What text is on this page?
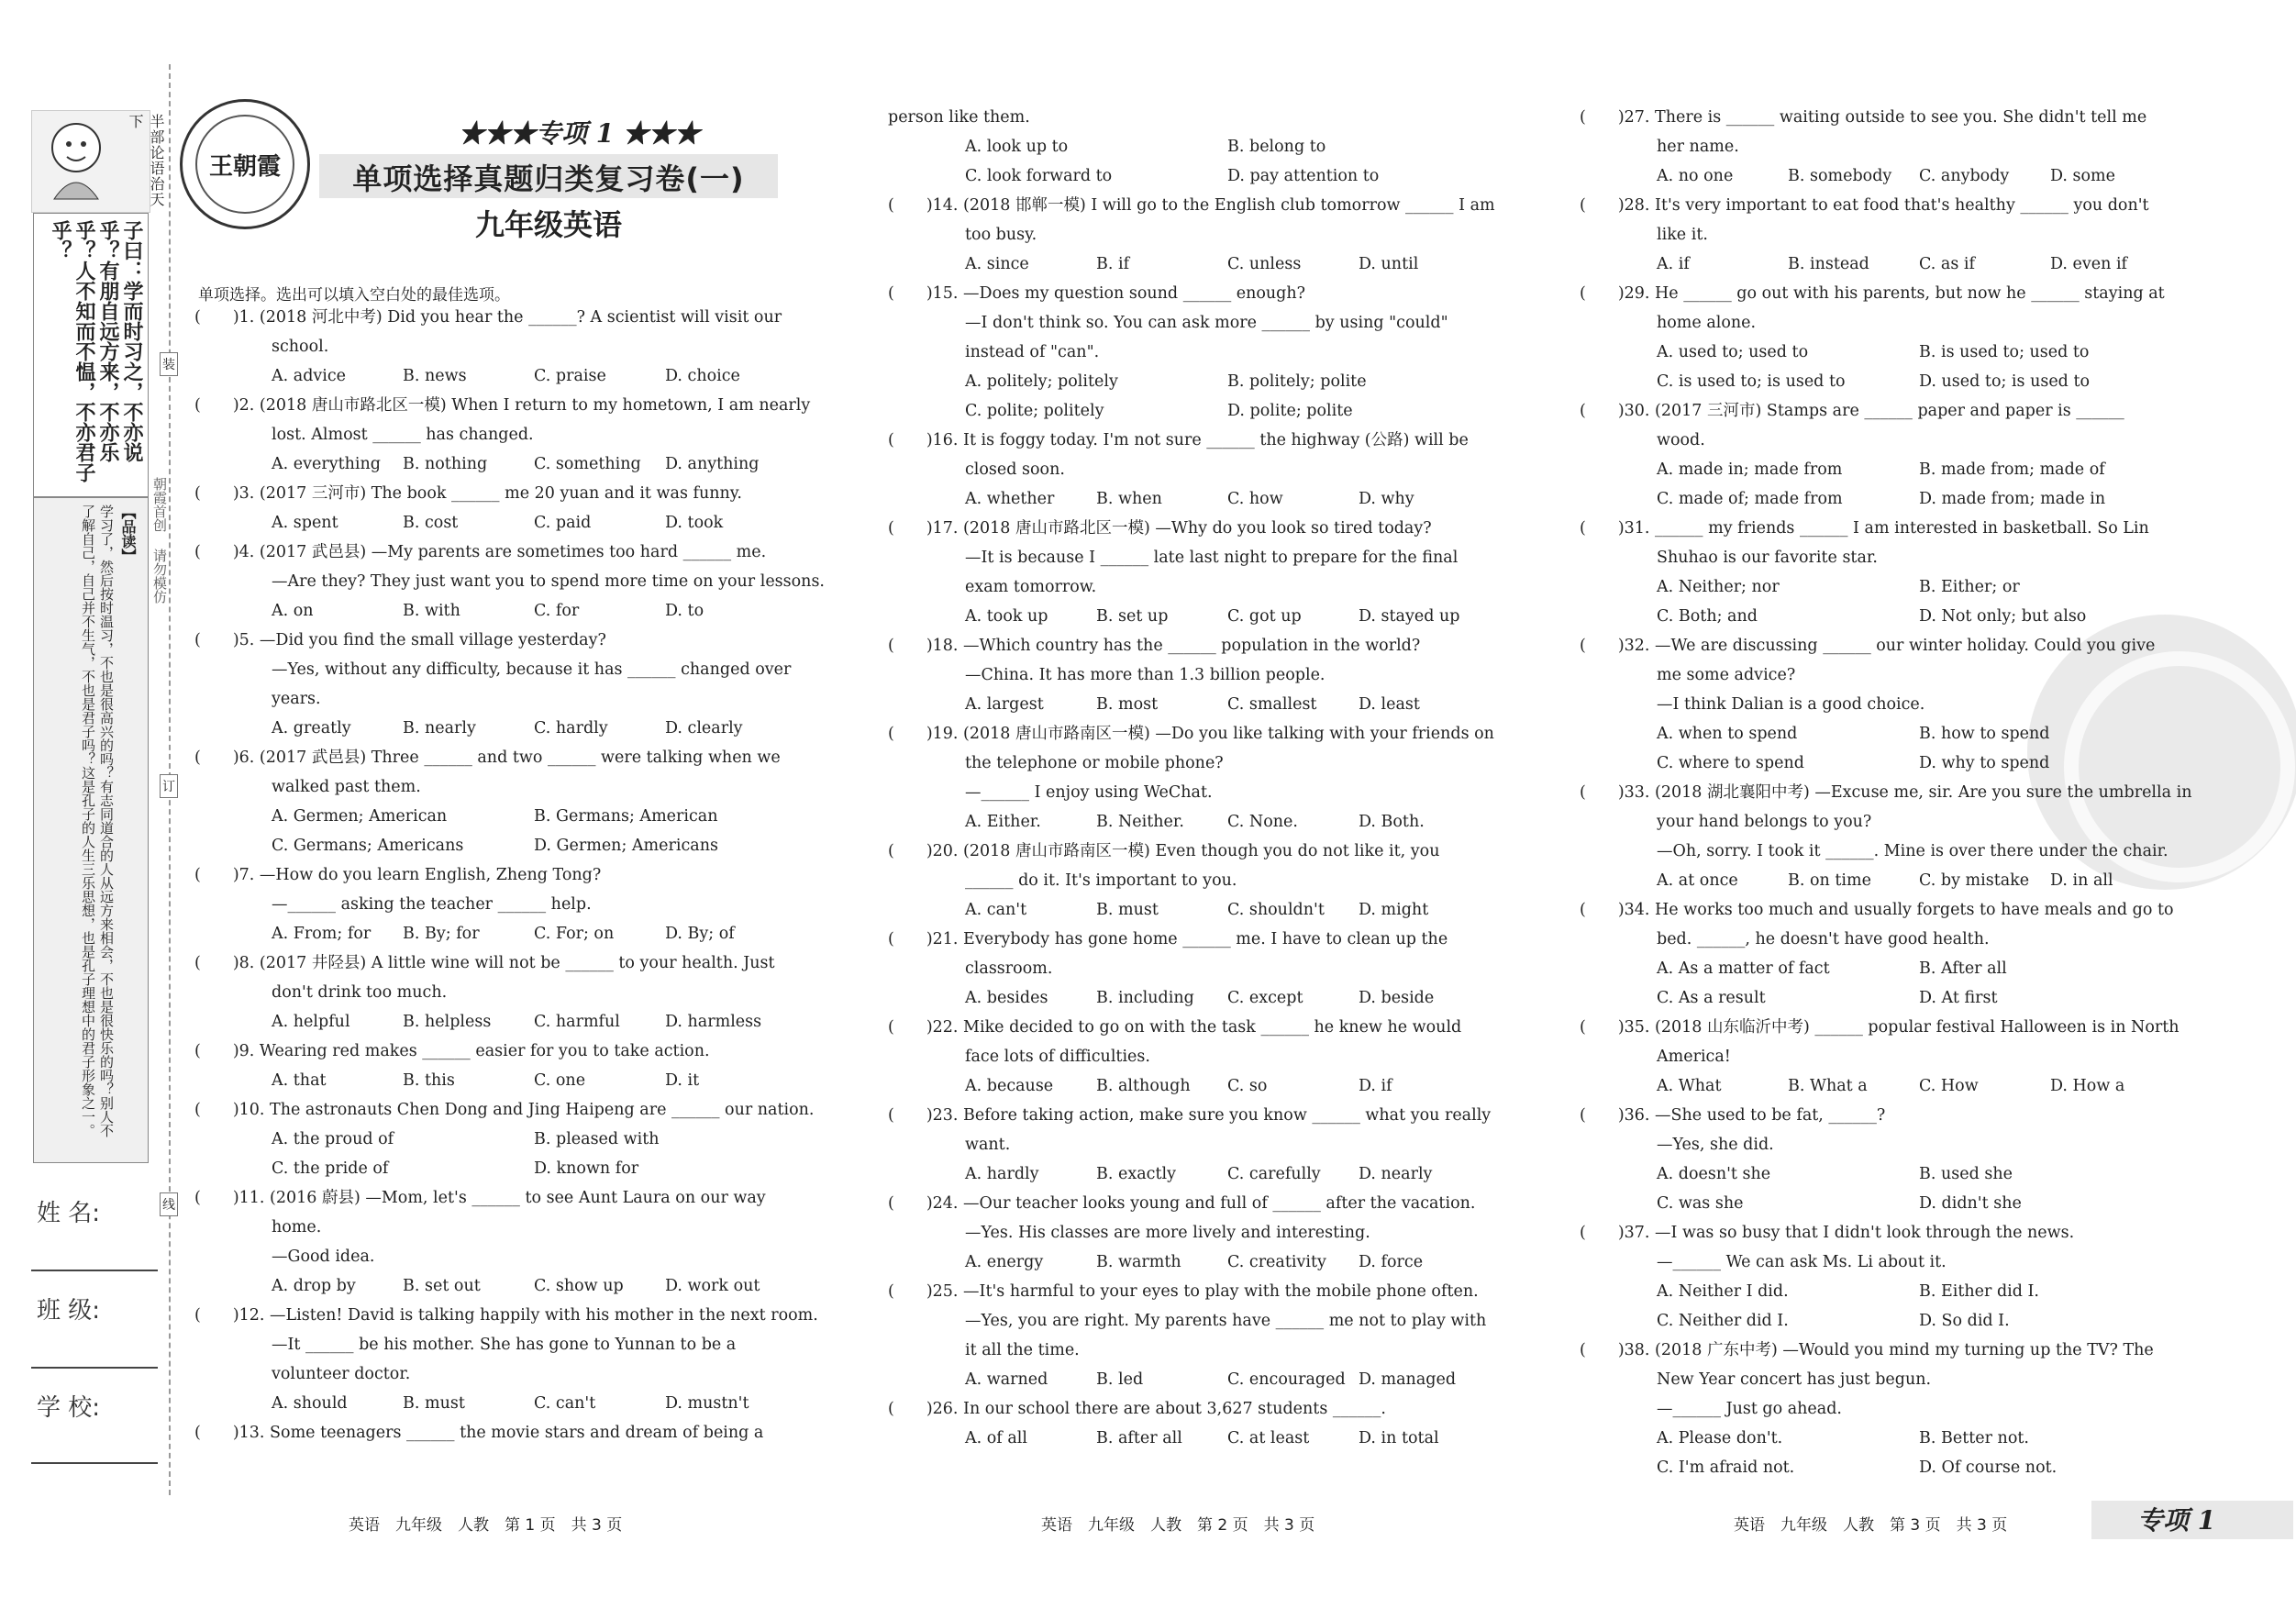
半部论语治天下
子曰：学而时习之，不亦说乎？有朋自远方来，不亦乐乎？人不知而不愠，不亦君子乎？
【品读】
学习了，然后按时温习，不也是很高兴的吗？有志同道合的人从远方来相会，不也是很快乐的吗？别人不了解自己，自己并不生气，不也是君子吗？这是孔子的人生三乐思想，也是孔子理想中的君子形象之一。
姓 名:
班 级:
学 校:
朝霞首创 请勿模仿
装
订
线
王朝霞
★★★专项 1 ★★★
单项选择真题归类复习卷(一)
九年级英语
单项选择。选出可以填入空白处的最佳选项。
(　　)1. (2018 河北中考) Did you hear the ______? A scientist will visit our
school.
A. advice	B. news	C. praise	D. choice
(　　)2. (2018 唐山市路北区一模) When I return to my hometown, I am nearly
lost. Almost ______ has changed.
A. everything B. nothing	C. something D. anything
(　　)3. (2017 三河市) The book ______ me 20 yuan and it was funny.
A. spent	B. cost	C. paid	D. took
(　　)4. (2017 武邑县) —My parents are sometimes too hard ______ me.
—Are they? They just want you to spend more time on your lessons.
A. on	B. with	C. for	D. to
(　　)5. —Did you find the small village yesterday?
—Yes, without any difficulty, because it has ______ changed over
years.
A. greatly	B. nearly	C. hardly	D. clearly
(　　)6. (2017 武邑县) Three ______ and two ______ were talking when we
walked past them.
A. Germen; American	B. Germans; American
C. Germans; Americans	D. Germen; Americans
(　　)7. —How do you learn English, Zheng Tong?
—______ asking the teacher ______ help.
A. From; for B. By; for	C. For; on	D. By; of
(　　)8. (2017 井陉县) A little wine will not be ______ to your health. Just
don't drink too much.
A. helpful	B. helpless	C. harmful	D. harmless
(　　)9. Wearing red makes ______ easier for you to take action.
A. that	B. this	C. one	D. it
(　　)10. The astronauts Chen Dong and Jing Haipeng are ______ our nation.
A. the proud of	B. pleased with
C. the pride of	D. known for
(　　)11. (2016 蔚县) —Mom, let's ______ to see Aunt Laura on our way
home.
—Good idea.
A. drop by	B. set out	C. show up	D. work out
(　　)12. —Listen! David is talking happily with his mother in the next room.
—It ______ be his mother. She has gone to Yunnan to be a
volunteer doctor.
A. should	B. must	C. can't	D. mustn't
(　　)13. Some teenagers ______ the movie stars and dream of being a
person like them.
A. look up to	B. belong to
C. look forward to	D. pay attention to
(　　)14. (2018 邯郸一模) I will go to the English club tomorrow ______ I am
too busy.
A. since	B. if	C. unless	D. until
(　　)15. —Does my question sound ______ enough?
—I don't think so. You can ask more ______ by using "could"
instead of "can".
A. politely; politely	B. politely; polite
C. polite; politely	D. polite; polite
(　　)16. It is foggy today. I'm not sure ______ the highway (公路) will be
closed soon.
A. whether	B. when	C. how	D. why
(　　)17. (2018 唐山市路北区一模) —Why do you look so tired today?
—It is because I ______ late last night to prepare for the final
exam tomorrow.
A. took up	B. set up	C. got up	D. stayed up
(　　)18. —Which country has the ______ population in the world?
—China. It has more than 1.3 billion people.
A. largest	B. most	C. smallest	D. least
(　　)19. (2018 唐山市路南区一模) —Do you like talking with your friends on
the telephone or mobile phone?
—______ I enjoy using WeChat.
A. Either.	B. Neither.	C. None.	D. Both.
(　　)20. (2018 唐山市路南区一模) Even though you do not like it, you
______ do it. It's important to you.
A. can't	B. must	C. shouldn't D. might
(　　)21. Everybody has gone home ______ me. I have to clean up the
classroom.
A. besides	B. including C. except	D. beside
(　　)22. Mike decided to go on with the task ______ he knew he would
face lots of difficulties.
A. because	B. although C. so	D. if
(　　)23. Before taking action, make sure you know ______ what you really
want.
A. hardly	B. exactly	C. carefully D. nearly
(　　)24. —Our teacher looks young and full of ______ after the vacation.
—Yes. His classes are more lively and interesting.
A. energy	B. warmth	C. creativity D. force
(　　)25. —It's harmful to your eyes to play with the mobile phone often.
—Yes, you are right. My parents have ______ me not to play with
it all the time.
A. warned	B. led	C. encouraged D. managed
(　　)26. In our school there are about 3,627 students ______.
A. of all	B. after all	C. at least	D. in total
(　　)27. There is ______ waiting outside to see you. She didn't tell me
her name.
A. no one	B. somebody C. anybody	D. some
(　　)28. It's very important to eat food that's healthy ______ you don't
like it.
A. if	B. instead	C. as if	D. even if
(　　)29. He ______ go out with his parents, but now he ______ staying at
home alone.
A. used to; used to	B. is used to; used to
C. is used to; is used to	D. used to; is used to
(　　)30. (2017 三河市) Stamps are ______ paper and paper is ______
wood.
A. made in; made from	B. made from; made of
C. made of; made from	D. made from; made in
(　　)31. ______ my friends ______ I am interested in basketball. So Lin
Shuhao is our favorite star.
A. Neither; nor	B. Either; or
C. Both; and	D. Not only; but also
(　　)32. —We are discussing ______ our winter holiday. Could you give
me some advice?
—I think Dalian is a good choice.
A. when to spend	B. how to spend
C. where to spend	D. why to spend
(　　)33. (2018 湖北襄阳中考) —Excuse me, sir. Are you sure the umbrella in
your hand belongs to you?
—Oh, sorry. I took it ______. Mine is over there under the chair.
A. at once	B. on time	C. by mistake D. in all
(　　)34. He works too much and usually forgets to have meals and go to
bed. ______, he doesn't have good health.
A. As a matter of fact	B. After all
C. As a result	D. At first
(　　)35. (2018 山东临沂中考) ______ popular festival Halloween is in North
America!
A. What	B. What a	C. How	D. How a
(　　)36. —She used to be fat, ______?
—Yes, she did.
A. doesn't she	B. used she
C. was she	D. didn't she
(　　)37. —I was so busy that I didn't look through the news.
—______ We can ask Ms. Li about it.
A. Neither I did.	B. Either did I.
C. Neither did I.	D. So did I.
(　　)38. (2018 广东中考) —Would you mind my turning up the TV? The
New Year concert has just begun.
—______ Just go ahead.
A. Please don't.	B. Better not.
C. I'm afraid not.	D. Of course not.
英语　九年级　人教　第 1 页　共 3 页	英语　九年级　人教　第 2 页　共 3 页	英语　九年级　人教　第 3 页　共 3 页	专项 1
